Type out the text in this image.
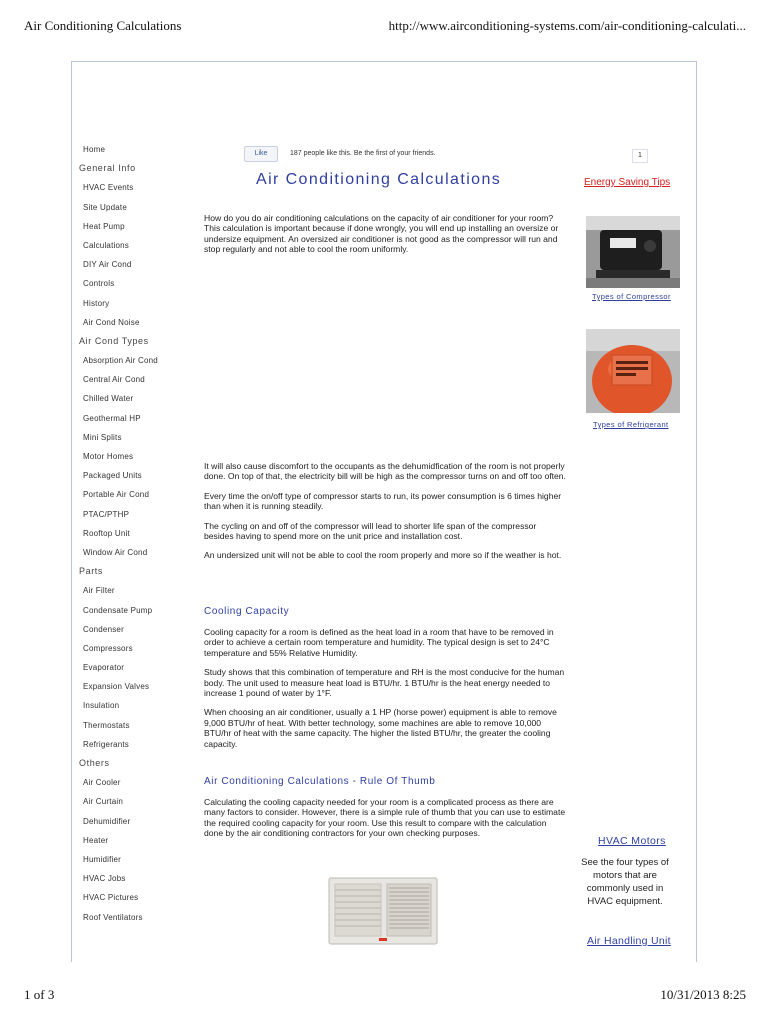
Air Conditioning Calculations	http://www.airconditioning-systems.com/air-conditioning-calculati...
Home
General Info
HVAC Events
Site Update
Heat Pump
Calculations
DIY Air Cond
Controls
History
Air Cond Noise
Air Cond Types
Absorption Air Cond
Central Air Cond
Chilled Water
Geothermal HP
Mini Splits
Motor Homes
Packaged Units
Portable Air Cond
PTAC/PTHP
Rooftop Unit
Window Air Cond
Parts
Air Filter
Condensate Pump
Condenser
Compressors
Evaporator
Expansion Valves
Insulation
Thermostats
Refrigerants
Others
Air Cooler
Air Curtain
Dehumidifier
Heater
Humidifier
HVAC Jobs
HVAC Pictures
Roof Ventilators
Like	187 people like this. Be the first of your friends.	1
Air Conditioning Calculations

How do you do air conditioning calculations on the capacity of air conditioner for your room? This calculation is important because if done wrongly, you will end up installing an oversize or undersize equipment. An oversized air conditioner is not good as the compressor will run and stop regularly and not able to cool the room uniformly.

It will also cause discomfort to the occupants as the dehumidfication of the room is not properly done. On top of that, the electricity bill will be high as the compressor turns on and off too often.

Every time the on/off type of compressor starts to run, its power consumption is 6 times higher than when it is running steadily.

The cycling on and off of the compressor will lead to shorter life span of the compressor besides having to spend more on the unit price and installation cost.

An undersized unit will not be able to cool the room properly and more so if the weather is hot.

Cooling Capacity

Cooling capacity for a room is defined as the heat load in a room that have to be removed in order to achieve a certain room temperature and humidity. The typical design is set to 24°C temperature and 55% Relative Humidity.

Study shows that this combination of temperature and RH is the most conducive for the human body. The unit used to measure heat load is BTU/hr. 1 BTU/hr is the heat energy needed to increase 1 pound of water by 1°F.

When choosing an air conditioner, usually a 1 HP (horse power) equipment is able to remove 9,000 BTU/hr of heat. With better technology, some machines are able to remove 10,000 BTU/hr of heat with the same capacity. The higher the listed BTU/hr, the greater the cooling capacity.

Air Conditioning Calculations - Rule Of Thumb

Calculating the cooling capacity needed for your room is a complicated process as there are many factors to consider. However, there is a simple rule of thumb that you can use to estimate the required cooling capacity for your room. Use this result to compare with the calculation done by the air conditioning contractors for your own checking purposes.

Energy Saving Tips
Types of Compressor
Types of Refrigerant
HVAC Motors
See the four types of motors that are commonly used in HVAC equipment.
Air Handling Unit
1 of 3	10/31/2013 8:25
